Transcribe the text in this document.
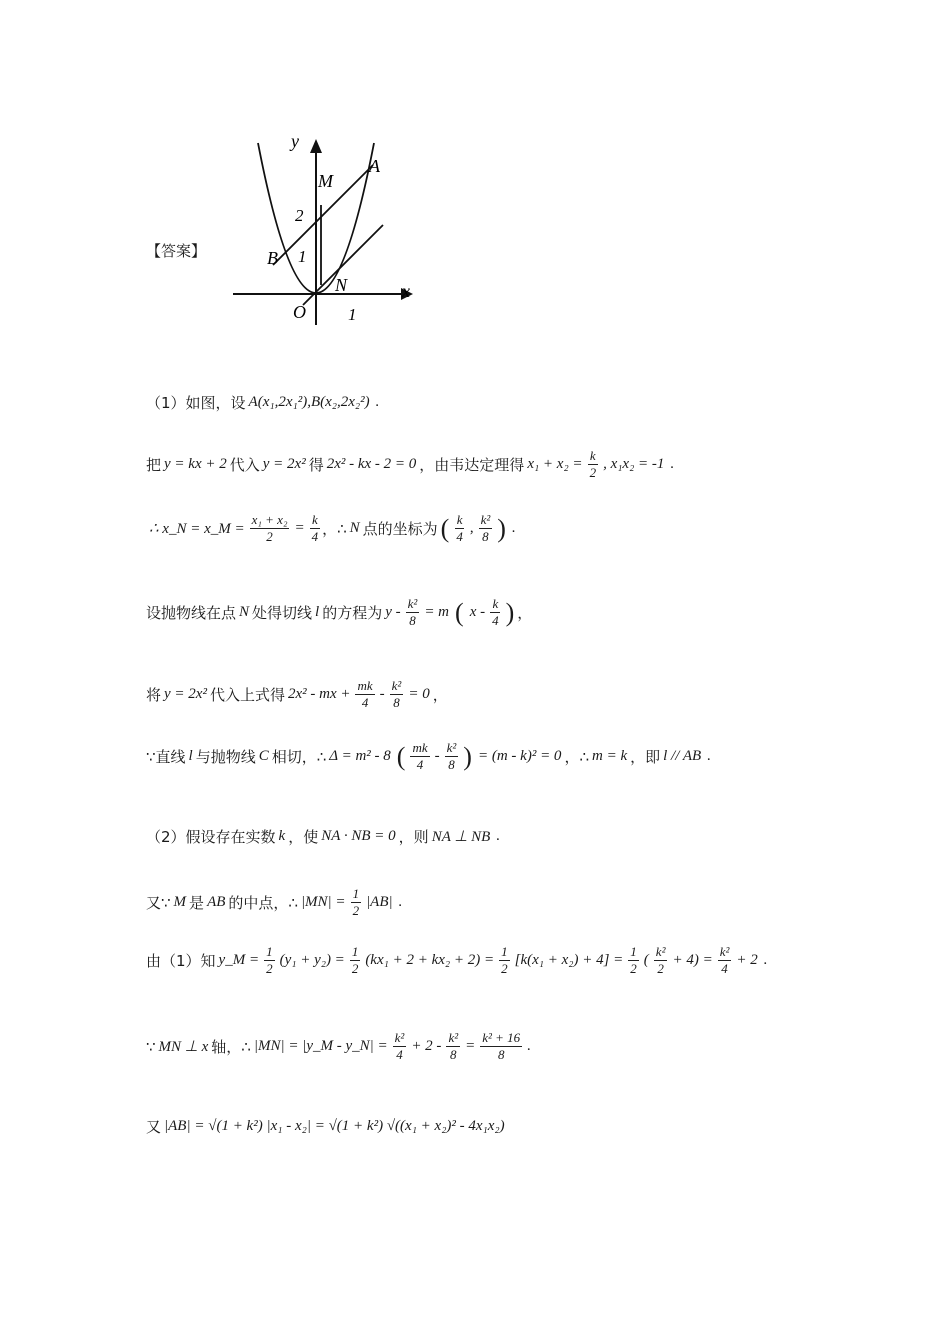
y
x
O
2
1
1
A
B
M
N
【答案】
（1）如图，设 A(x₁,2x₁²),B(x₂,2x₂²) .
把 y = kx + 2 代入 y = 2x² 得 2x² - kx - 2 = 0 ，由韦达定理得 $x_1 + x_2 = \frac{k}{2}$ , x₁x₂ = -1 .
∴ x_N = x_M = $\frac{\text{x₁ + x₂}}{2} = \frac{k}{4}$ ，∴ N 点的坐标为 ( $\frac{k}{4}$ , $\frac{\text{k²}}{8}$ ) .
设抛物线在点 N 处得切线 l 的方程为 $y - \frac{\text{k²}}{8} = m$ ( x - $\frac{k}{4}$ ) ，
将 y = 2x² 代入上式得 2x² - mx + $\frac{mk}{4} - \frac{\text{k²}}{8} = 0$ ，
∵直线 l 与抛物线 C 相切，∴ Δ = m² - 8 ( $\frac{mk}{4} - \frac{\text{k²}}{8}$ ) = (m - k)² = 0 ，∴ m = k ，即 l // AB .
（2）假设存在实数 k ，使 NA · NB = 0 ，则 NA ⊥ NB .
又∵ M 是 AB 的中点，∴ $|MN| = \frac{1}{2} |AB|$ .
由（1）知 y_M = $\frac{1}{2} (y_1 + y_2) = \frac{1}{2} (kx_1 + 2 + kx_2 + 2) = \frac{1}{2} [k(x_1 + x_2) + 4] = \frac{1}{2}$ ( $\frac{\text{k²}}{2} + 4) = \frac{\text{k²}}{4} + 2$ .
∵ MN ⊥ x 轴，∴ |MN| = |y_M - y_N| = $\frac{\text{k²}}{4} + 2 - \frac{\text{k²}}{8} = \frac{\text{k² + 16}}{8}$ .
又 |AB| = √(1 + k²) |x₁ - x₂| = √(1 + k²) √((x₁ + x₂)² - 4x₁x₂)
